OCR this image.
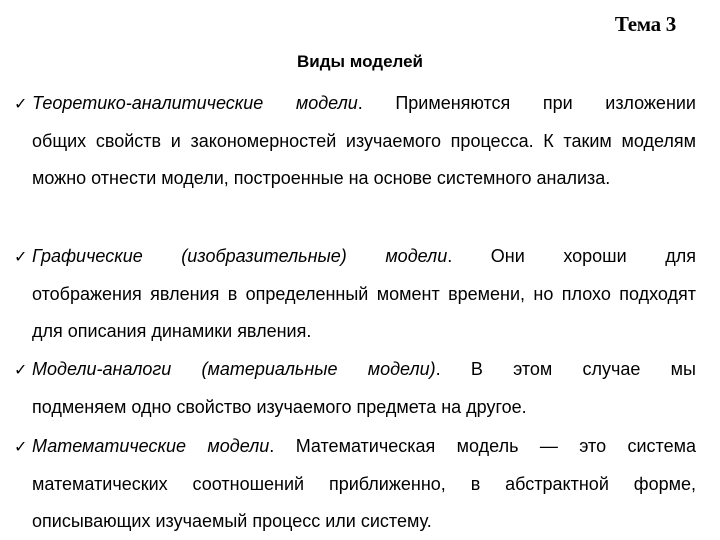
Тема 3
Виды моделей
✓ Теоретико-аналитические модели. Применяются при изложении
общих свойств и закономерностей изучаемого процесса. К таким моделям можно отнести модели, построенные на основе системного анализа.
✓ Графические (изобразительные) модели. Они хороши для
отображения явления в определенный момент времени, но плохо подходят для описания динамики явления.
✓ Модели-аналоги (материальные модели). В этом случае мы
подменяем одно свойство изучаемого предмета на другое.
✓ Математические модели. Математическая модель — это система
математических соотношений приближенно, в абстрактной форме, описывающих изучаемый процесс или систему.
